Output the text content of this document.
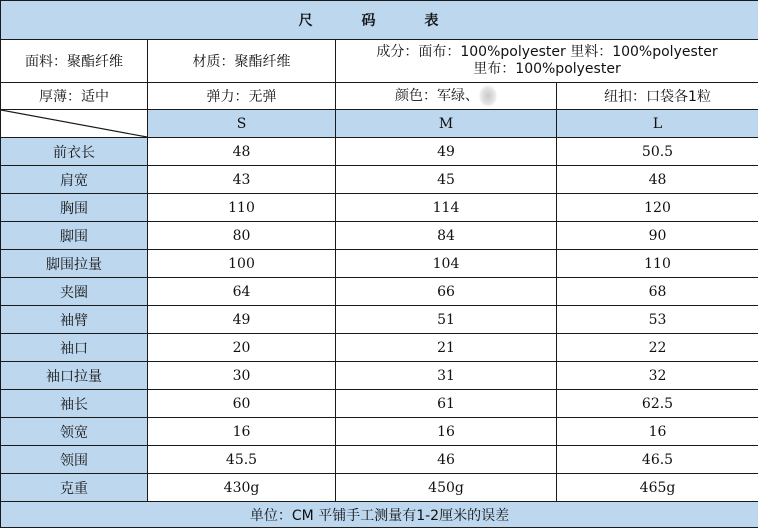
尺 码 表			
面料：聚酯纤维	材质：聚酯纤维	成分：面布：100%polyester 里料：100%polyester
里布：100%polyester	

厚薄：适中	弹力：无弹	颜色：军绿、	纽扣：口袋各1粒

	S	M	L
前衣长	48	49	50.5
肩宽	43	45	48
胸围	110	114	120
脚围	80	84	90
脚围拉量	100	104	110
夹圈	64	66	68
袖臂	49	51	53
袖口	20	21	22
袖口拉量	30	31	32
袖长	60	61	62.5
领宽	16	16	16
领围	45.5	46	46.5
克重	430g	450g	465g
单位：CM 平铺手工测量有1-2厘米的误差			
